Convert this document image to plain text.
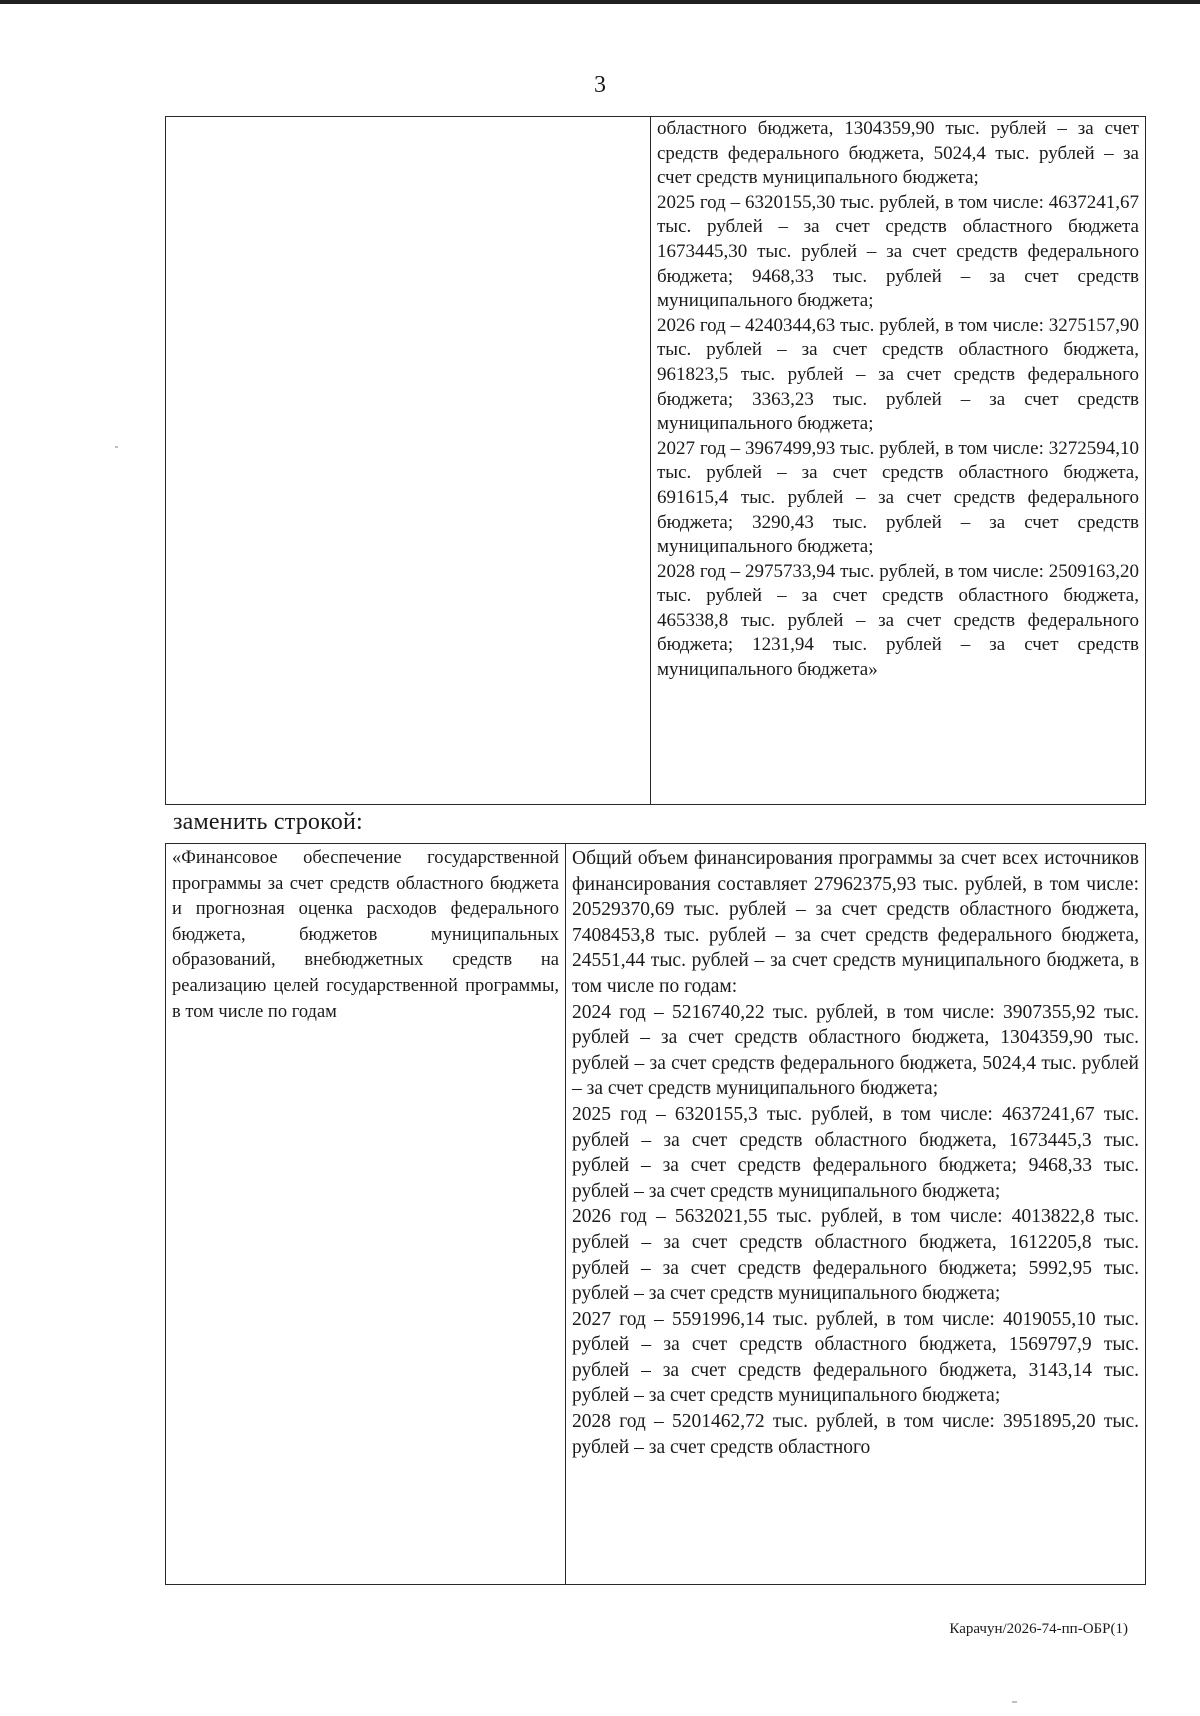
3

областного бюджета, 1304359,90 тыс. рублей – за счет средств федерального бюджета, 5024,4 тыс. рублей – за счет средств муниципального бюджета;
2025 год – 6320155,30 тыс. рублей, в том числе: 4637241,67 тыс. рублей – за счет средств областного бюджета 1673445,30 тыс. рублей – за счет средств федерального бюджета; 9468,33 тыс. рублей – за счет средств муниципального бюджета;
2026 год – 4240344,63 тыс. рублей, в том числе: 3275157,90 тыс. рублей – за счет средств областного бюджета, 961823,5 тыс. рублей – за счет средств федерального бюджета; 3363,23 тыс. рублей – за счет средств муниципального бюджета;
2027 год – 3967499,93 тыс. рублей, в том числе: 3272594,10 тыс. рублей – за счет средств областного бюджета, 691615,4 тыс. рублей – за счет средств федерального бюджета; 3290,43 тыс. рублей – за счет средств муниципального бюджета;
2028 год – 2975733,94 тыс. рублей, в том числе: 2509163,20 тыс. рублей – за счет средств областного бюджета, 465338,8 тыс. рублей – за счет средств федерального бюджета; 1231,94 тыс. рублей – за счет средств муниципального бюджета»
заменить строкой:
«Финансовое обеспечение государственной программы за счет средств областного бюджета и прогнозная оценка расходов федерального бюджета, бюджетов муниципальных образований, внебюджетных средств на реализацию целей государственной программы, в том числе по годам

Общий объем финансирования программы за счет всех источников финансирования составляет 27962375,93 тыс. рублей, в том числе: 20529370,69 тыс. рублей – за счет средств областного бюджета, 7408453,8 тыс. рублей – за счет средств федерального бюджета, 24551,44 тыс. рублей – за счет средств муниципального бюджета, в том числе по годам:
2024 год – 5216740,22 тыс. рублей, в том числе: 3907355,92 тыс. рублей – за счет средств областного бюджета, 1304359,90 тыс. рублей – за счет средств федерального бюджета, 5024,4 тыс. рублей – за счет средств муниципального бюджета;
2025 год – 6320155,3 тыс. рублей, в том числе: 4637241,67 тыс. рублей – за счет средств областного бюджета, 1673445,3 тыс. рублей – за счет средств федерального бюджета; 9468,33 тыс. рублей – за счет средств муниципального бюджета;
2026 год – 5632021,55 тыс. рублей, в том числе: 4013822,8 тыс. рублей – за счет средств областного бюджета, 1612205,8 тыс. рублей – за счет средств федерального бюджета; 5992,95 тыс. рублей – за счет средств муниципального бюджета;
2027 год – 5591996,14 тыс. рублей, в том числе: 4019055,10 тыс. рублей – за счет средств областного бюджета, 1569797,9 тыс. рублей – за счет средств федерального бюджета, 3143,14 тыс. рублей – за счет средств муниципального бюджета;
2028 год – 5201462,72 тыс. рублей, в том числе: 3951895,20 тыс. рублей – за счет средств областного
Карачун/2026-74-пп-ОБР(1)
